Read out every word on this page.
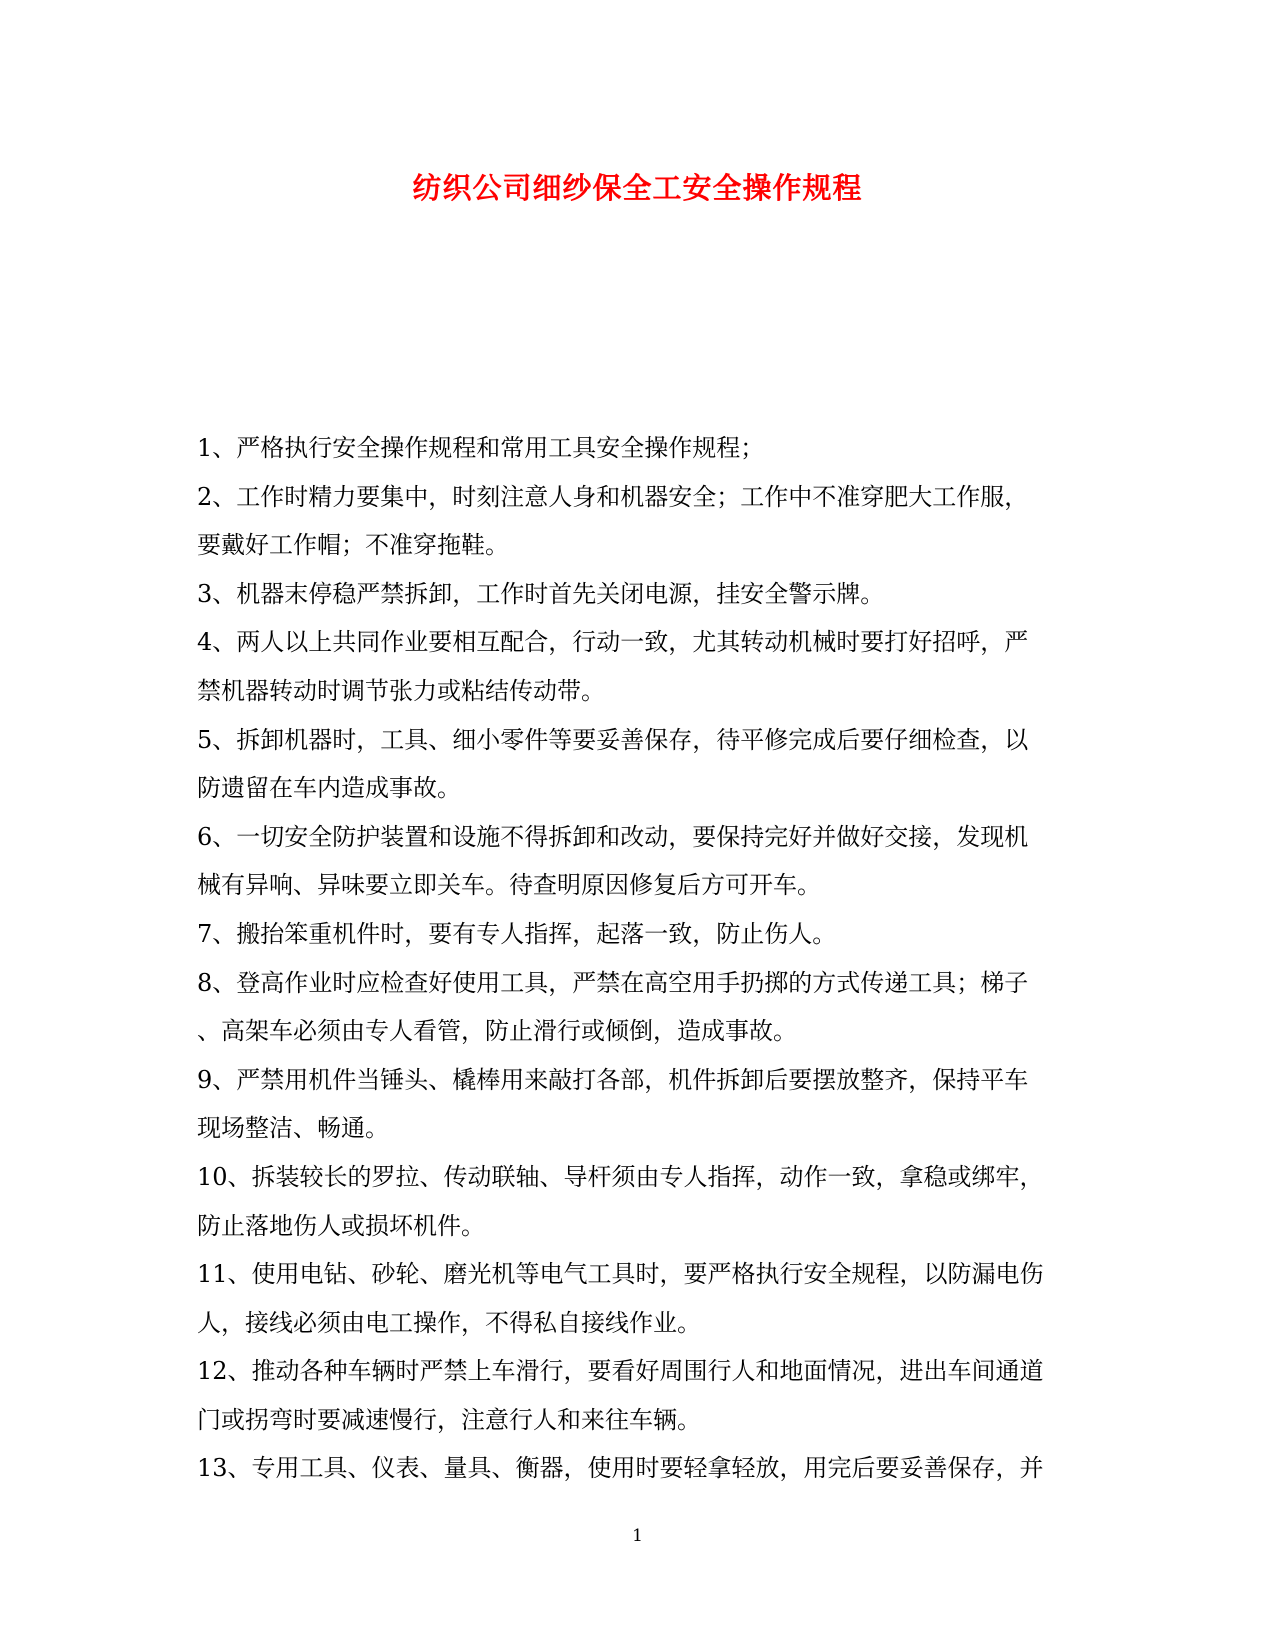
纺织公司细纱保全工安全操作规程

1、严格执行安全操作规程和常用工具安全操作规程；

2、工作时精力要集中，时刻注意人身和机器安全；工作中不准穿肥大工作服，

要戴好工作帽；不准穿拖鞋。

3、机器末停稳严禁拆卸，工作时首先关闭电源，挂安全警示牌。

4、两人以上共同作业要相互配合，行动一致，尤其转动机械时要打好招呼，严

禁机器转动时调节张力或粘结传动带。

5、拆卸机器时，工具、细小零件等要妥善保存，待平修完成后要仔细检查，以

防遗留在车内造成事故。

6、一切安全防护装置和设施不得拆卸和改动，要保持完好并做好交接，发现机

械有异响、异味要立即关车。待查明原因修复后方可开车。

7、搬抬笨重机件时，要有专人指挥，起落一致，防止伤人。

8、登高作业时应检查好使用工具，严禁在高空用手扔掷的方式传递工具；梯子

、高架车必须由专人看管，防止滑行或倾倒，造成事故。

9、严禁用机件当锤头、橇棒用来敲打各部，机件拆卸后要摆放整齐，保持平车

现场整洁、畅通。

10、拆装较长的罗拉、传动联轴、导杆须由专人指挥，动作一致，拿稳或绑牢，

防止落地伤人或损坏机件。

11、使用电钻、砂轮、磨光机等电气工具时，要严格执行安全规程，以防漏电伤

人，接线必须由电工操作，不得私自接线作业。

12、推动各种车辆时严禁上车滑行，要看好周围行人和地面情况，进出车间通道

门或拐弯时要减速慢行，注意行人和来往车辆。

13、专用工具、仪表、量具、衡器，使用时要轻拿轻放，用完后要妥善保存，并

1
